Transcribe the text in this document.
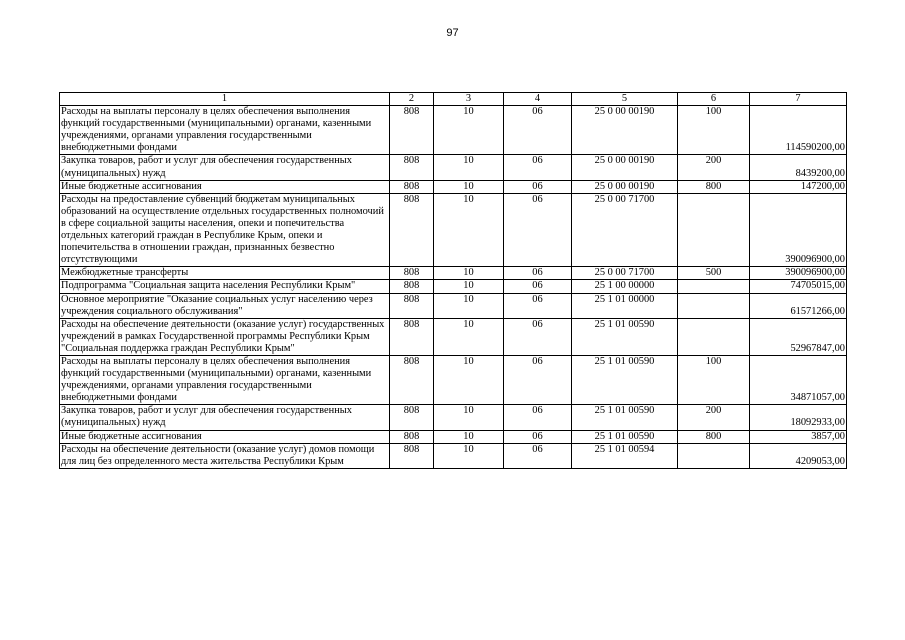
97
1	2	3	4	5	6	7
Расходы на выплаты персоналу в целях обеспечения выполнения функций государственными (муниципальными) органами, казенными учреждениями, органами управления государственными внебюджетными фондами	808	10	06	25 0 00 00190	100	114590200,00
Закупка товаров, работ и услуг для обеспечения государственных (муниципальных) нужд	808	10	06	25 0 00 00190	200	8439200,00
Иные бюджетные ассигнования	808	10	06	25 0 00 00190	800	147200,00
Расходы на предоставление субвенций бюджетам муниципальных образований на осуществление отдельных государственных полномочий в сфере социальной защиты населения, опеки и попечительства отдельных категорий граждан в Республике Крым, опеки и попечительства в отношении граждан, признанных безвестно отсутствующими	808	10	06	25 0 00 71700		390096900,00
Межбюджетные трансферты	808	10	06	25 0 00 71700	500	390096900,00
Подпрограмма "Социальная защита населения Республики Крым"	808	10	06	25 1 00 00000		74705015,00
Основное мероприятие "Оказание социальных услуг населению через учреждения социального обслуживания"	808	10	06	25 1 01 00000		61571266,00
Расходы на обеспечение деятельности (оказание услуг) государственных учреждений в рамках Государственной программы Республики Крым "Социальная поддержка граждан Республики Крым"	808	10	06	25 1 01 00590		52967847,00
Расходы на выплаты персоналу в целях обеспечения выполнения функций государственными (муниципальными) органами, казенными учреждениями, органами управления государственными внебюджетными фондами	808	10	06	25 1 01 00590	100	34871057,00
Закупка товаров, работ и услуг для обеспечения государственных (муниципальных) нужд	808	10	06	25 1 01 00590	200	18092933,00
Иные бюджетные ассигнования	808	10	06	25 1 01 00590	800	3857,00
Расходы на обеспечение деятельности (оказание услуг) домов помощи для лиц без определенного места жительства Республики Крым	808	10	06	25 1 01 00594		4209053,00
